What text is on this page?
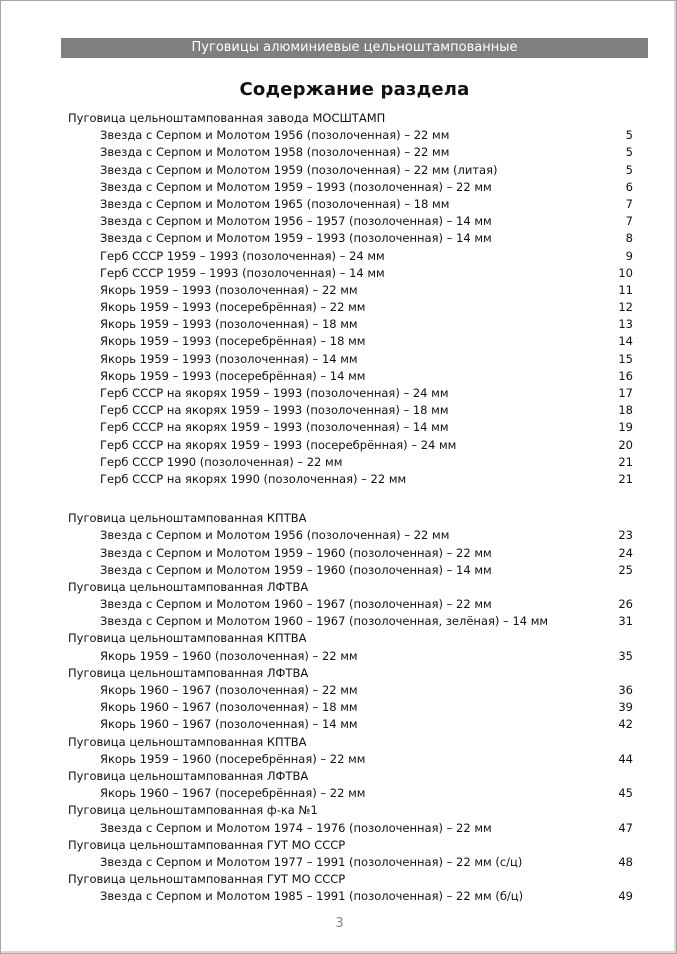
Пуговицы алюминиевые цельноштампованные
Содержание раздела
Пуговица цельноштампованная завода МОСШТАМП
Звезда с Серпом и Молотом 1956 (позолоченная) – 22 мм	5
Звезда с Серпом и Молотом 1958 (позолоченная) – 22 мм	5
Звезда с Серпом и Молотом 1959 (позолоченная) – 22 мм (литая)	5
Звезда с Серпом и Молотом 1959 – 1993 (позолоченная) – 22 мм	6
Звезда с Серпом и Молотом 1965 (позолоченная) – 18 мм	7
Звезда с Серпом и Молотом 1956 – 1957 (позолоченная) – 14 мм	7
Звезда с Серпом и Молотом 1959 – 1993 (позолоченная) – 14 мм	8
Герб СССР 1959 – 1993 (позолоченная) – 24 мм	9
Герб СССР 1959 – 1993 (позолоченная) – 14 мм	10
Якорь 1959 – 1993 (позолоченная) – 22 мм	11
Якорь 1959 – 1993 (посеребрённая) – 22 мм	12
Якорь 1959 – 1993 (позолоченная) – 18 мм	13
Якорь 1959 – 1993 (посеребрённая) – 18 мм	14
Якорь 1959 – 1993 (позолоченная) – 14 мм	15
Якорь 1959 – 1993 (посеребрённая) – 14 мм	16
Герб СССР на якорях 1959 – 1993 (позолоченная) – 24 мм	17
Герб СССР на якорях 1959 – 1993 (позолоченная) – 18 мм	18
Герб СССР на якорях 1959 – 1993 (позолоченная) – 14 мм	19
Герб СССР на якорях 1959 – 1993 (посеребрённая) – 24 мм	20
Герб СССР 1990 (позолоченная) – 22 мм	21
Герб СССР на якорях 1990 (позолоченная) – 22 мм	21
Пуговица цельноштампованная КПТВА
Звезда с Серпом и Молотом 1956 (позолоченная) – 22 мм	23
Звезда с Серпом и Молотом 1959 – 1960 (позолоченная) – 22 мм	24
Звезда с Серпом и Молотом 1959 – 1960 (позолоченная) – 14 мм	25
Пуговица цельноштампованная ЛФТВА
Звезда с Серпом и Молотом 1960 – 1967 (позолоченная) – 22 мм	26
Звезда с Серпом и Молотом 1960 – 1967 (позолоченная, зелёная) – 14 мм	31
Пуговица цельноштампованная КПТВА
Якорь 1959 – 1960 (позолоченная) – 22 мм	35
Пуговица цельноштампованная ЛФТВА
Якорь 1960 – 1967 (позолоченная) – 22 мм	36
Якорь 1960 – 1967 (позолоченная) – 18 мм	39
Якорь 1960 – 1967 (позолоченная) – 14 мм	42
Пуговица цельноштампованная КПТВА
Якорь 1959 – 1960 (посеребрённая) – 22 мм	44
Пуговица цельноштампованная ЛФТВА
Якорь 1960 – 1967 (посеребрённая) – 22 мм	45
Пуговица цельноштампованная ф-ка №1
Звезда с Серпом и Молотом 1974 – 1976 (позолоченная) – 22 мм	47
Пуговица цельноштампованная ГУТ МО СССР
Звезда с Серпом и Молотом 1977 – 1991 (позолоченная) – 22 мм (с/ц)	48
Пуговица цельноштампованная ГУТ МО СССР
Звезда с Серпом и Молотом 1985 – 1991 (позолоченная) – 22 мм (б/ц)	49
3
